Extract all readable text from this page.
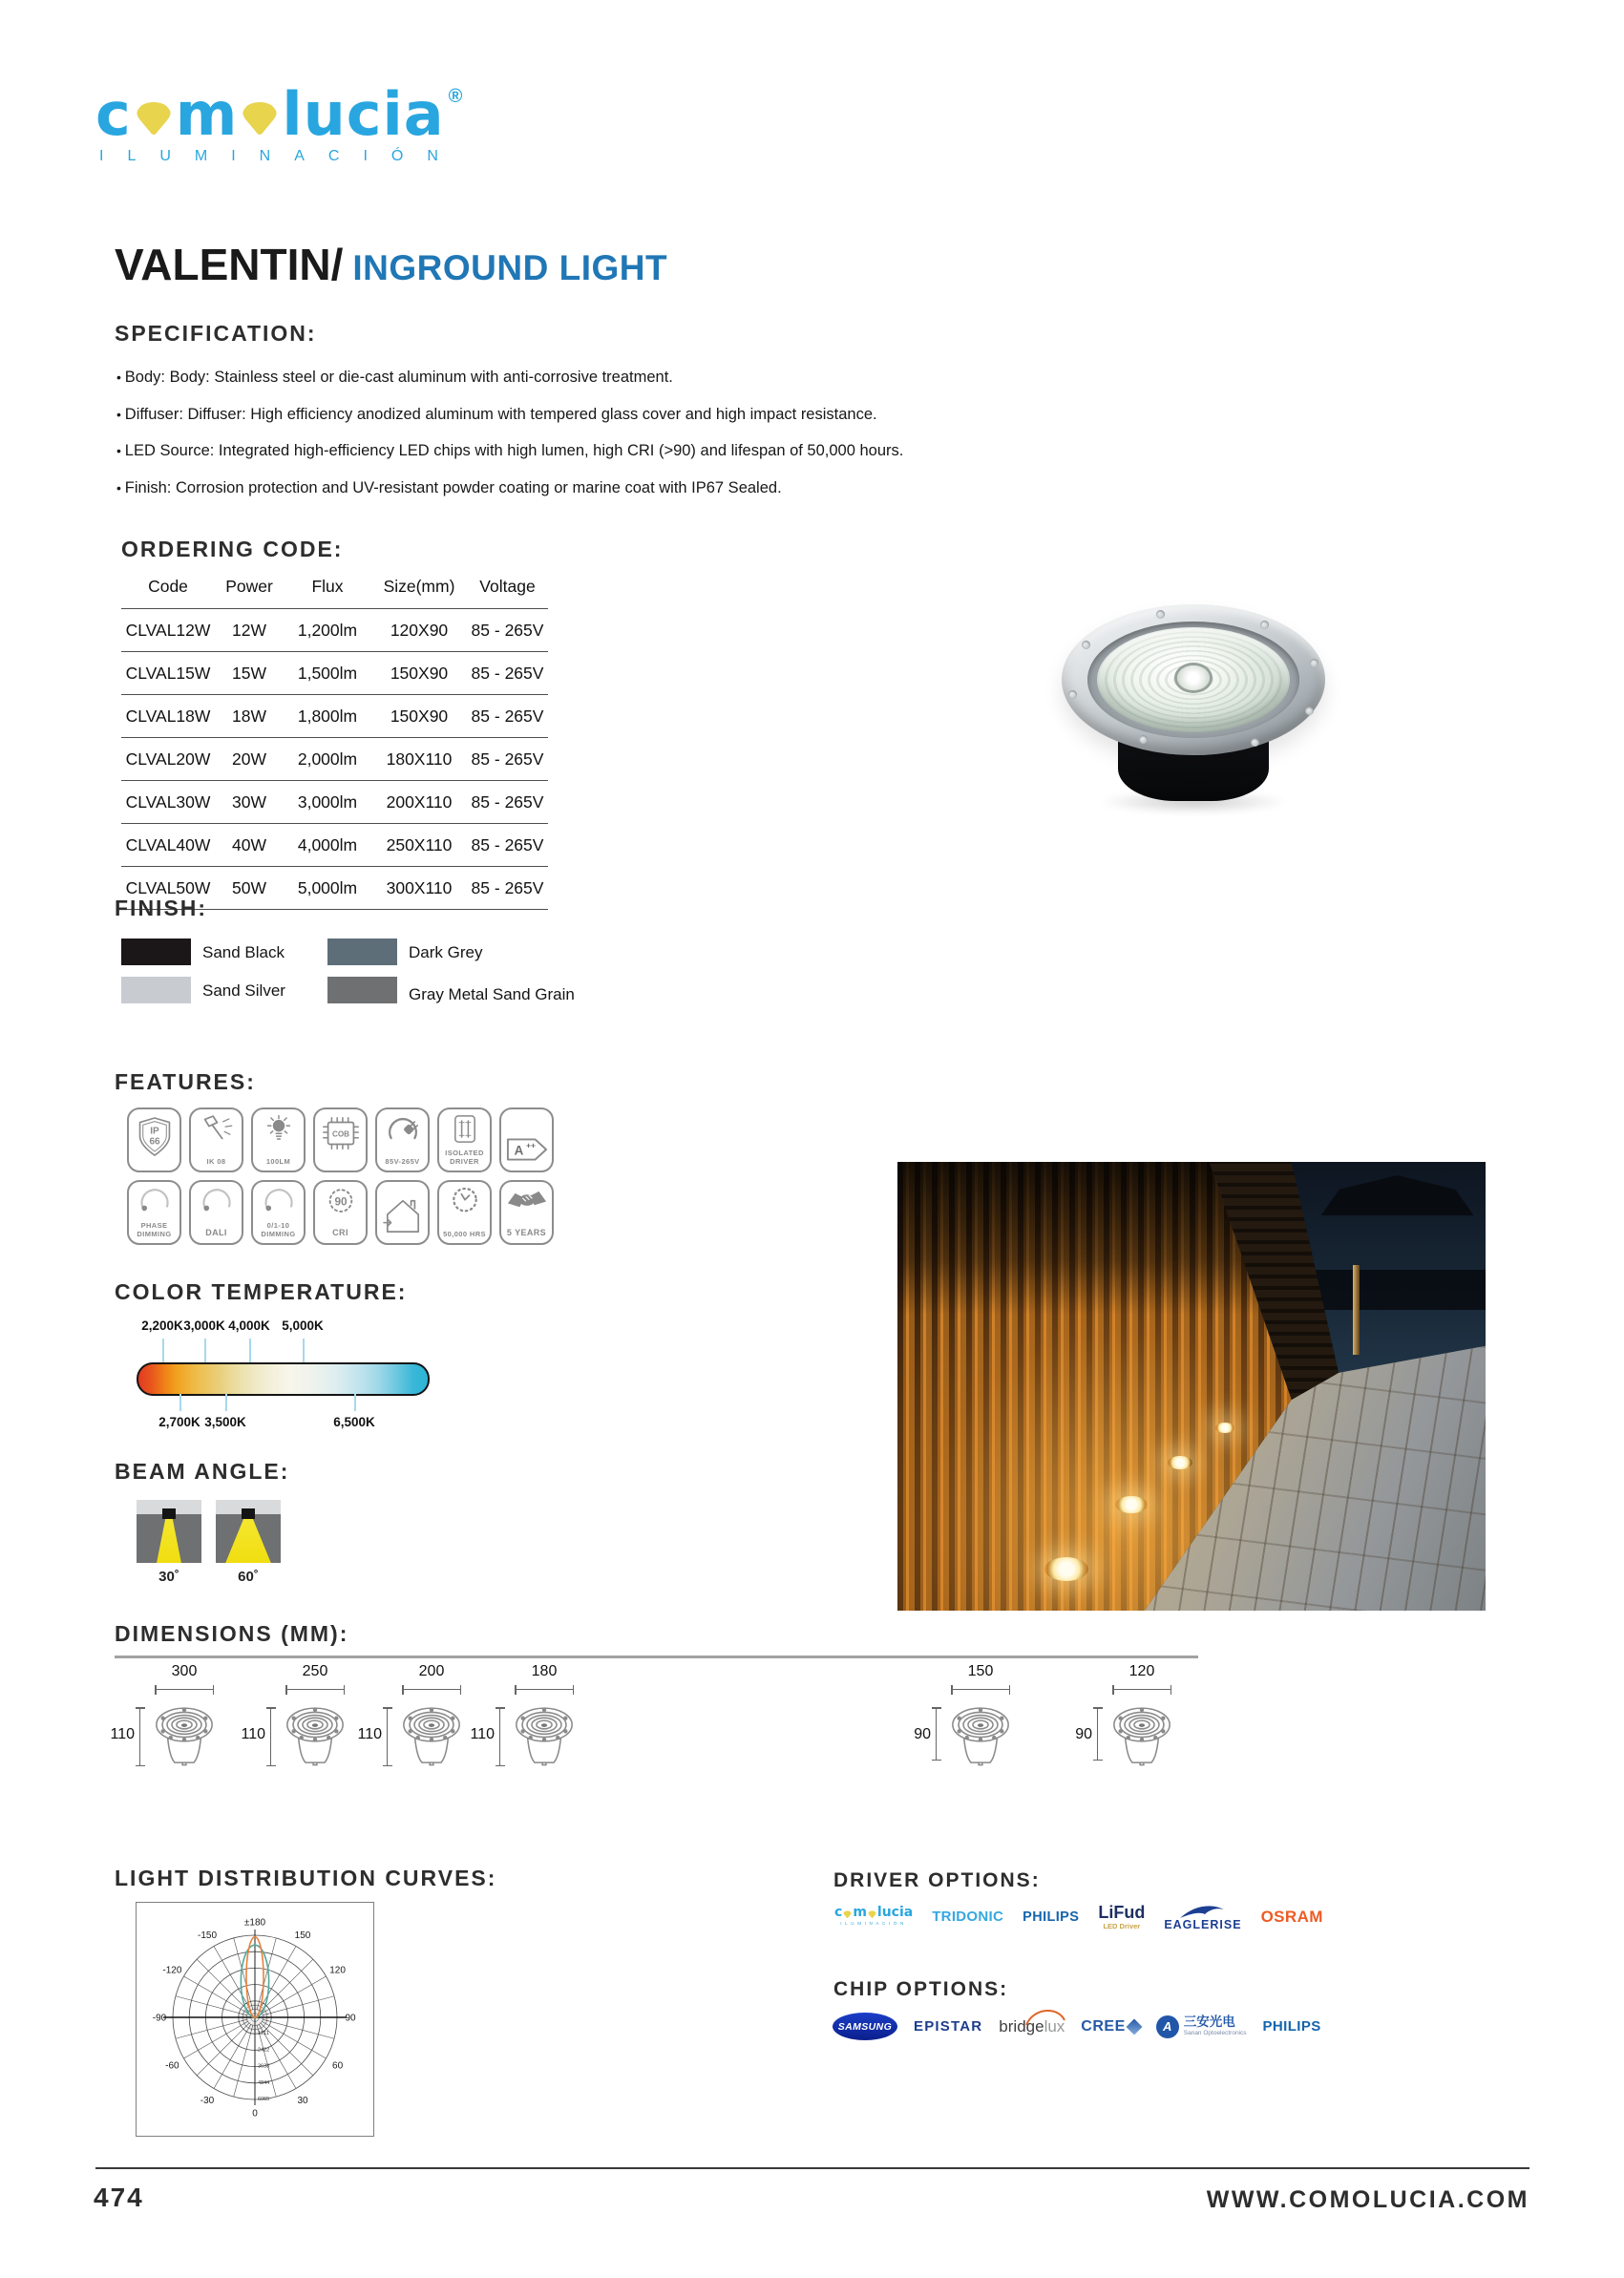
c m lucia ®
ILUMINACIÓN
VALENTIN / INGROUND LIGHT
SPECIFICATION:
• Body: Body: Stainless steel or die-cast aluminum with anti-corrosive treatment.
• Diffuser: Diffuser: High efficiency anodized aluminum with tempered glass cover and high impact resistance.
• LED Source: Integrated high-efficiency LED chips with high lumen, high CRI (>90) and lifespan of 50,000 hours.
• Finish: Corrosion protection and UV-resistant powder coating or marine coat with IP67 Sealed.
ORDERING CODE:
Code	Power	Flux	Size(mm)	Voltage
CLVAL12W	12W	1,200lm	120X90	85 - 265V
CLVAL15W	15W	1,500lm	150X90	85 - 265V
CLVAL18W	18W	1,800lm	150X90	85 - 265V
CLVAL20W	20W	2,000lm	180X110	85 - 265V
CLVAL30W	30W	3,000lm	200X110	85 - 265V
CLVAL40W	40W	4,000lm	250X110	85 - 265V
CLVAL50W	50W	5,000lm	300X110	85 - 265V
FINISH:
Sand Black
Sand Silver
Dark Grey
Gray Metal Sand Grain
FEATURES:
IP
66
IK 08	100LM
COB
85V-265V
ISOLATED DRIVER
A ++
PHASE DIMMING	DALI
0/1-10 DIMMING
90
CRI	50,000 HRS	5 YEARS
COLOR TEMPERATURE:
2,200K 3,000K 4,000K 5,000K
2,700K 3,500K	6,500K
BEAM ANGLE:
30˚	60˚
DIMENSIONS (MM):
300
110
250
110
200
110
180
110
150
90
120
90
LIGHT DISTRIBUTION CURVES:
0
30
60
90
120
150
±180
-150
-120
-90
-60
-30
1211
2422
3633
4844
6055
DRIVER OPTIONS:
c m lucia
ILUMINACIÓN TRIDONIC PHILIPS LiFud
LED Driver EAGLERISE OSRAM
CHIP OPTIONS:
SAMSUNG EPISTAR bridgelux CREE	A 三安光电
Sanan Optoelectronics PHILIPS
474	WWW.COMOLUCIA.COM
